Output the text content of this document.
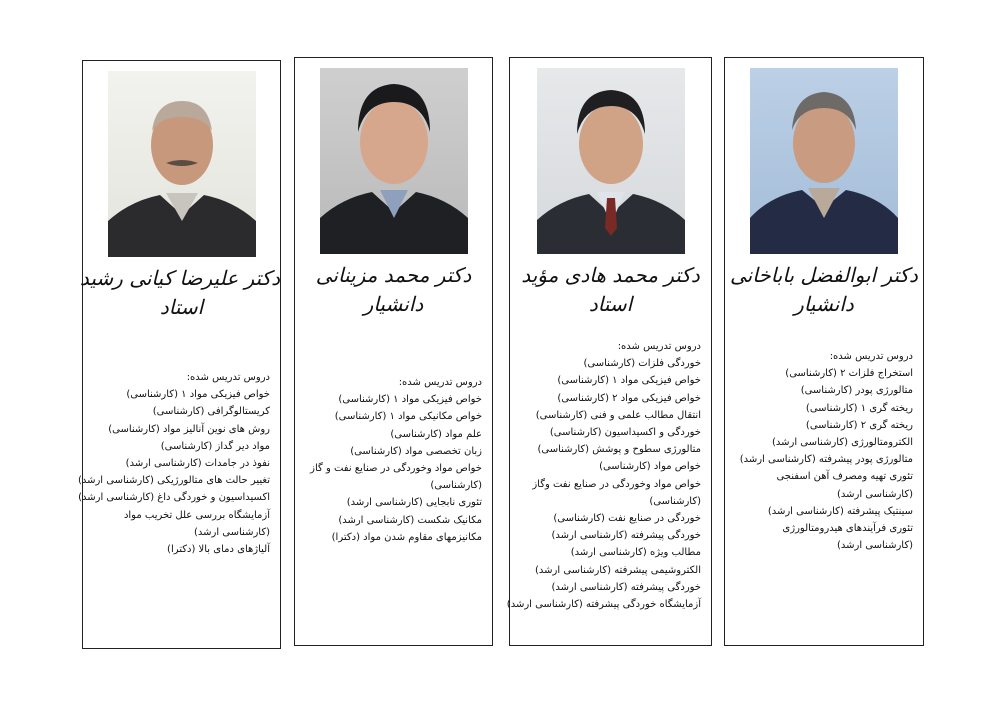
دکتر ابوالفضل باباخانی
دانشیار
دروس تدریس شده:
استخراج فلزات ۲ (کارشناسی)
متالورژی پودر (کارشناسی)
ریخته گری ۱ (کارشناسی)
ریخته گری ۲ (کارشناسی)
الکترومتالورژی (کارشناسی ارشد)
متالورژی پودر پیشرفته (کارشناسی ارشد)
تئوری تهیه ومصرف آهن اسفنجی
(کارشناسی ارشد)
سینتیک پیشرفته (کارشناسی ارشد)
تئوری فرآیندهای هیدرومتالورژی
(کارشناسی ارشد)
دکتر محمد هادی مؤید
استاد
دروس تدریس شده:
خوردگی فلزات (کارشناسی)
خواص فیزیکی مواد ۱ (کارشناسی)
خواص فیزیکی مواد ۲ (کارشناسی)
انتقال مطالب علمی و فنی (کارشناسی)
خوردگی و اکسیداسیون (کارشناسی)
متالورژی سطوح و پوشش (کارشناسی)
خواص مواد (کارشناسی)
خواص مواد وخوردگی در صنایع نفت وگاز
(کارشناسی)
خوردگی در صنایع نفت (کارشناسی)
خوردگی پیشرفته (کارشناسی ارشد)
مطالب ویژه (کارشناسی ارشد)
الکتروشیمی پیشرفته (کارشناسی ارشد)
خوردگی پیشرفته (کارشناسی ارشد)
آزمایشگاه خوردگی پیشرفته (کارشناسی ارشد)
دکتر محمد مزینانی
دانشیار
دروس تدریس شده:
خواص فیزیکی مواد ۱ (کارشناسی)
خواص مکانیکی مواد ۱ (کارشناسی)
علم مواد (کارشناسی)
زبان تخصصی مواد (کارشناسی)
خواص مواد وخوردگی در صنایع نفت و گاز
(کارشناسی)
تئوری نابجایی (کارشناسی ارشد)
مکانیک شکست (کارشناسی ارشد)
مکانیزمهای مقاوم شدن مواد (دکترا)
دکتر علیرضا کیانی رشید
استاد
دروس تدریس شده:
خواص فیزیکی مواد ۱ (کارشناسی)
کریستالوگرافی (کارشناسی)
روش های نوین آنالیز مواد (کارشناسی)
مواد دیر گداز (کارشناسی)
نفوذ در جامدات (کارشناسی ارشد)
تغییر حالت های متالورژیکی (کارشناسی ارشد)
اکسیداسیون و خوردگی داغ (کارشناسی ارشد)
آزمایشگاه بررسی علل تخریب مواد
(کارشناسی ارشد)
آلیاژهای دمای بالا (دکترا)
